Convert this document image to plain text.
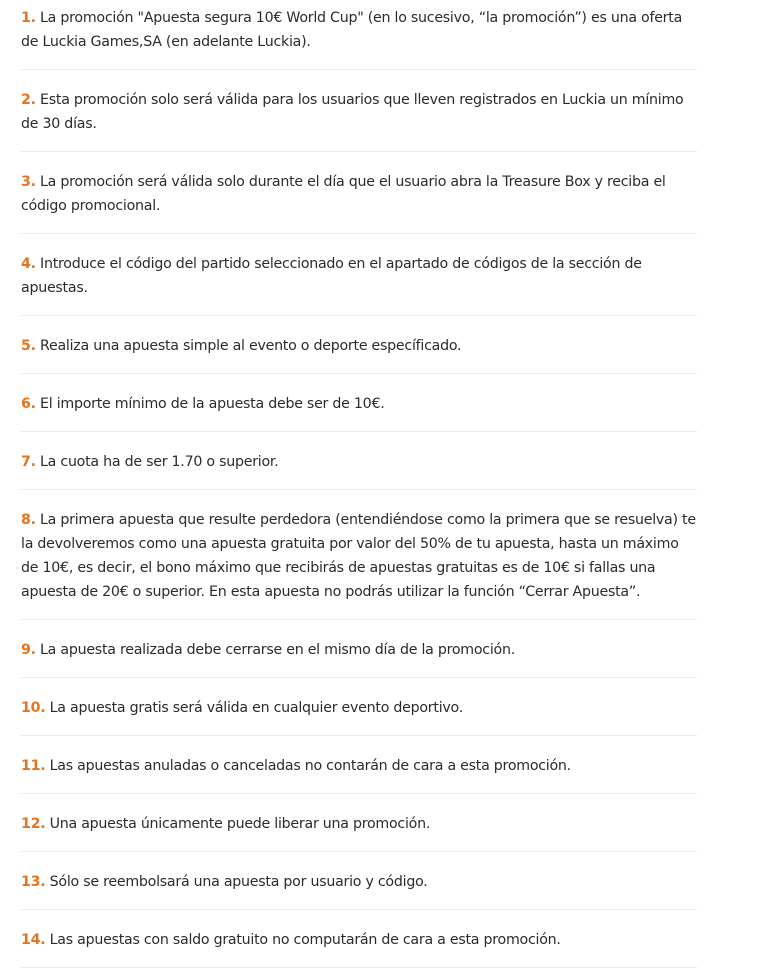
1. La promoción "Apuesta segura 10€ World Cup" (en lo sucesivo, “la promoción”) es una oferta de Luckia Games,SA (en adelante Luckia).
2. Esta promoción solo será válida para los usuarios que lleven registrados en Luckia un mínimo de 30 días.
3. La promoción será válida solo durante el día que el usuario abra la Treasure Box y reciba el código promocional.
4. Introduce el código del partido seleccionado en el apartado de códigos de la sección de apuestas.
5. Realiza una apuesta simple al evento o deporte específicado.
6. El importe mínimo de la apuesta debe ser de 10€.
7. La cuota ha de ser 1.70 o superior.
8. La primera apuesta que resulte perdedora (entendiéndose como la primera que se resuelva) te la devolveremos como una apuesta gratuita por valor del 50% de tu apuesta, hasta un máximo de 10€, es decir, el bono máximo que recibirás de apuestas gratuitas es de 10€ si fallas una apuesta de 20€ o superior. En esta apuesta no podrás utilizar la función “Cerrar Apuesta”.
9. La apuesta realizada debe cerrarse en el mismo día de la promoción.
10. La apuesta gratis será válida en cualquier evento deportivo.
11. Las apuestas anuladas o canceladas no contarán de cara a esta promoción.
12. Una apuesta únicamente puede liberar una promoción.
13. Sólo se reembolsará una apuesta por usuario y código.
14. Las apuestas con saldo gratuito no computarán de cara a esta promoción.
